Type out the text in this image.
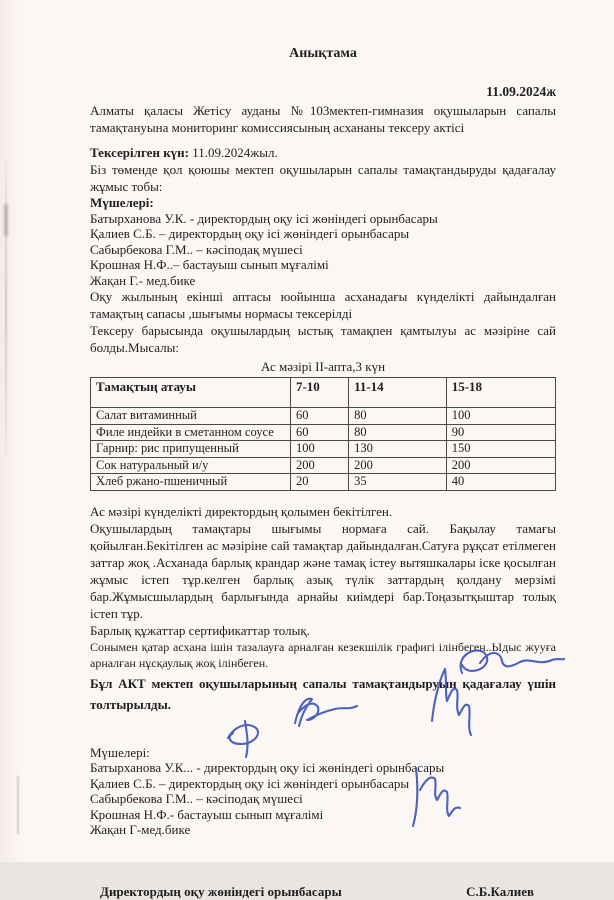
Анықтама
11.09.2024ж

Алматы қаласы Жетісу ауданы №103мектеп-гимназия оқушыларын сапалы тамақтануына мониторинг комиссиясының асхананы тексеру актісі

Тексерілген күн: 11.09.2024жыл.

Біз төменде қол қоюшы мектеп оқушыларын сапалы тамақтандыруды қадағалау жұмыс тобы:

Мүшелері:
Батырханова У.К. - директордың оқу ісі жөніндегі орынбасары
Қалиев С.Б. – директордың оқу ісі жөніндегі орынбасары
Сабырбекова Г.М.. – кәсіподақ мүшесі
Крошная Н.Ф..– бастауыш сынып мұғалімі
Жақан Г.- мед.бике

Оқу жылының екінші аптасы юойынша асханадағы күнделікті дайындалған тамақтың сапасы ,шығымы нормасы тексерілді

Тексеру барысында оқушылардың ыстық тамақпен қамтылуы ас мәзіріне сай болды.Мысалы:

Ас мәзірі II-апта,3 күн
Тамақтың атауы	7-10	11-14	15-18
Салат витаминный	60	80	100
Филе индейки в сметанном соусе	60	80	90
Гарнир: рис припущенный	100	130	150
Сок натуральный и/у	200	200	200
Хлеб ржано-пшеничный	20	35	40

Ас мәзірі күнделікті директордың қолымен бекітілген.

Оқушылардың тамақтары шығымы нормаға сай. Бақылау тамағы қойылған.Бекітілген ас мәзіріне сай тамақтар дайындалған.Сатуға рұқсат етілмеген заттар жоқ .Асханада барлық крандар және тамақ істеу вытяшкалары іске қосылған жұмыс істеп тұр.келген барлық азық түлік заттардың қолдану мерзімі бар.Жұмысшылардың барлығында арнайы киімдері бар.Тоңазытқыштар толық істеп тұр.

Барлық құжаттар сертификаттар толық.

Сонымен қатар асхана ішін тазалауға арналған кезекшілік графигі ілінбеген..Ыдыс жууға арналған нұсқаулық жоқ ілінбеген.

Бұл АКТ мектеп оқушыларының сапалы тамақтандыруын қадағалау үшін толтырылды.

Мүшелері:
Батырханова У.К... - директордың оқу ісі жөніндегі орынбасары
Қалиев С.Б. – директордың оқу ісі жөніндегі орынбасары
Сабырбекова Г.М.. – кәсіподақ мүшесі
Крошная Н.Ф.- бастауыш сынып мұғалімі
Жақан Г-мед.бике
Директордың оқу жөніндегі орынбасары	С.Б.Калиев
